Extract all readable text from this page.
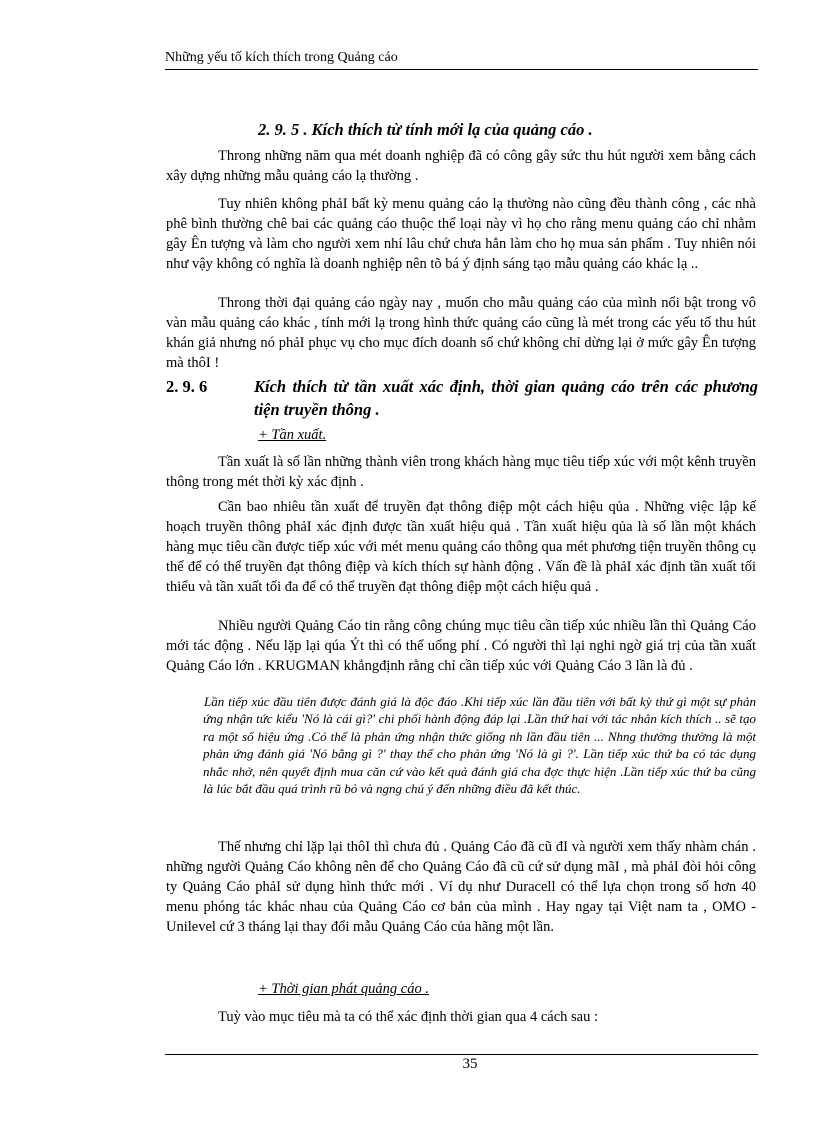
Những yếu tố kích thích trong Quảng cáo
2. 9. 5 . Kích thích từ tính mới lạ của quảng cáo .

Throng những năm qua mét doanh nghiệp đã có công gây sức thu hút người xem bằng cách xây dựng những mẫu quảng cáo lạ thường .

Tuy nhiên không phảI bất kỳ menu quảng cáo lạ thường nào cũng đều thành công , các nhà phê bình thường chê bai các quảng cáo thuộc thể loại này vì họ cho rằng menu quảng cáo chỉ nhằm gây Ên tượng và làm cho người xem nhí lâu chứ chưa hẳn làm cho họ mua sản phẩm . Tuy nhiên nói như vậy không có nghĩa là doanh nghiệp nên tõ bá ý định sáng tạo mẫu quảng cáo khác lạ ..

Throng thời đại quảng cáo ngày nay , muốn cho mẫu quảng cáo của mình nổi bật trong vô vàn mẫu quảng cáo khác , tính mới lạ trong hình thức quảng cáo cũng là mét trong các yếu tố thu hút khán giả nhưng nó phảI phục vụ cho mục đích doanh số chứ không chỉ dừng lại ở mức gây Ên tượng mà thôI !

2. 9. 6	Kích thích từ tần xuất xác định, thời gian quảng cáo trên các phương tiện truyền thông .
+ Tần xuất.

Tần xuất là số lần những thành viên trong khách hàng mục tiêu tiếp xúc với một kênh truyền thông trong mét thời kỳ xác định .

Cần bao nhiêu tần xuất để truyền đạt thông điệp một cách hiệu qủa . Những việc lập kế hoạch truyền thông phảI xác định được tần xuất hiệu quả . Tần xuất hiệu qủa là số lần một khách hàng mục tiêu cần được tiếp xúc với mét menu quảng cáo thông qua mét phương tiện truyền thông cụ thể để có thể truyền đạt thông điệp và kích thích sự hành động . Vấn đề là phảI xác định tần xuất tối thiểu và tần xuất tối đa để có thể truyền đạt thông điệp một cách hiệu quả .

Nhiều người Quảng Cáo tin rằng công chúng mục tiêu cần tiếp xúc nhiều lần thì Quảng Cáo mới tác động . Nếu lặp lại qúa Ýt thì có thể uổng phí . Có người thì lại nghi ngờ giá trị của tần xuất Quảng Cáo lớn . KRUGMAN khẳngđịnh rằng chỉ cần tiếp xúc với Quảng Cáo 3 lần là đủ .

Lần tiếp xúc đầu tiên được đánh giá là độc đáo .Khi tiếp xúc lần đầu tiên với bất kỳ thứ gì một sự phản ứng nhận tức kiểu 'Nó là cái gì?' chi phối hành động đáp lại .Lần thứ hai với tác nhân kích thích .. sẽ tạo ra một số hiệu ứng .Có thể là phản ứng nhận thức giống nh lần đầu tiên ... Nhng thường thường là một phản ứng đánh giá 'Nó bằng gì ?' thay thế cho phản ứng 'Nó là gì ?'. Lần tiếp xúc thứ ba có tác dụng nhắc nhở, nên quyết định mua căn cứ vào kết quả đánh giá cha đợc thực hiện .Lần tiếp xúc thứ ba cũng là lúc bắt đầu quá trình rũ bỏ và ngng chú ý đến những điều đã kết thúc.

Thế nhưng chỉ lặp lại thôI thì chưa đủ . Quảng Cáo đã cũ đI và người xem thấy nhàm chán . những người Quảng Cáo không nên để cho Quảng Cáo đã cũ cứ sử dụng mãI , mà phảI đòi hỏi công ty Quảng Cáo phảI sử dụng hình thức mới . Ví dụ như Duracell có thể lựa chọn trong số hơn 40 menu phóng tác khác nhau của Quảng Cáo cơ bản của mình . Hay ngay tại Việt nam ta , OMO - Unilevel cứ 3 tháng lại thay đổi mẫu Quảng Cáo của hãng một lần.

+ Thời gian phát quảng cáo .

Tuỳ vào mục tiêu mà ta có thể xác định thời gian qua 4 cách sau :

35
